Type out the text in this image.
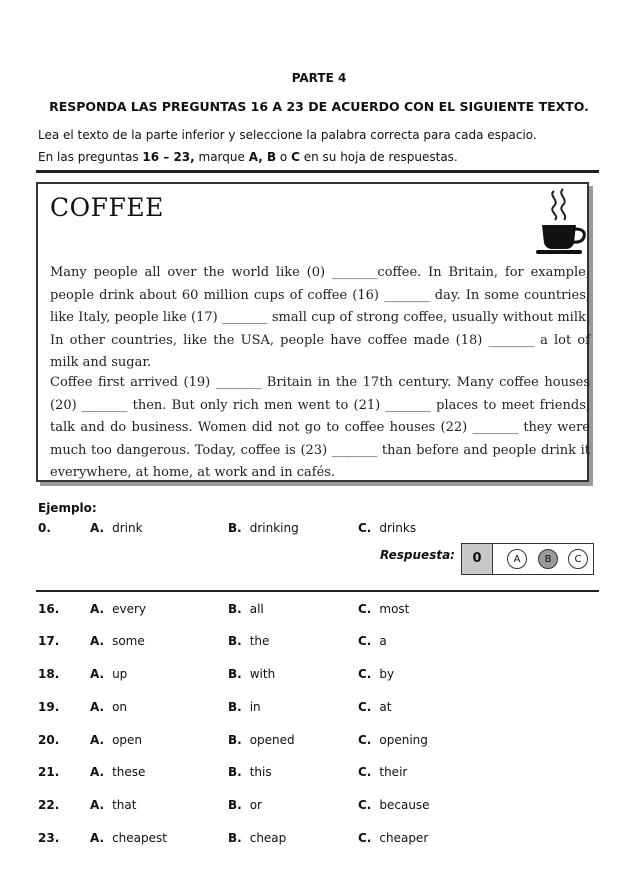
PARTE 4
RESPONDA LAS PREGUNTAS 16 A 23 DE ACUERDO CON EL SIGUIENTE TEXTO.
Lea el texto de la parte inferior y seleccione la palabra correcta para cada espacio.
En las preguntas 16 – 23, marque A, B o C en su hoja de respuestas.
COFFEE
Many people all over the world like (0) _______coffee. In Britain, for example, people drink about 60 million cups of coffee (16) _______ day. In some countries, like Italy, people like (17) _______ small cup of strong coffee, usually without milk. In other countries, like the USA, people have coffee made (18) _______ a lot of milk and sugar.
Coffee first arrived (19) _______ Britain in the 17th century. Many coffee houses (20) _______ then. But only rich men went to (21) _______ places to meet friends, talk and do business. Women did not go to coffee houses (22) _______ they were much too dangerous. Today, coffee is (23) _______ than before and people drink it everywhere, at home, at work and in cafés.
Ejemplo:
0.	A. drink	B. drinking	C. drinks
Respuesta:	0	A	B	C
16.	A. every	B. all	C. most
17.	A. some	B. the	C. a
18.	A. up	B. with	C. by
19.	A. on	B. in	C. at
20.	A. open	B. opened	C. opening
21.	A. these	B. this	C. their
22.	A. that	B. or	C. because
23.	A. cheapest	B. cheap	C. cheaper
